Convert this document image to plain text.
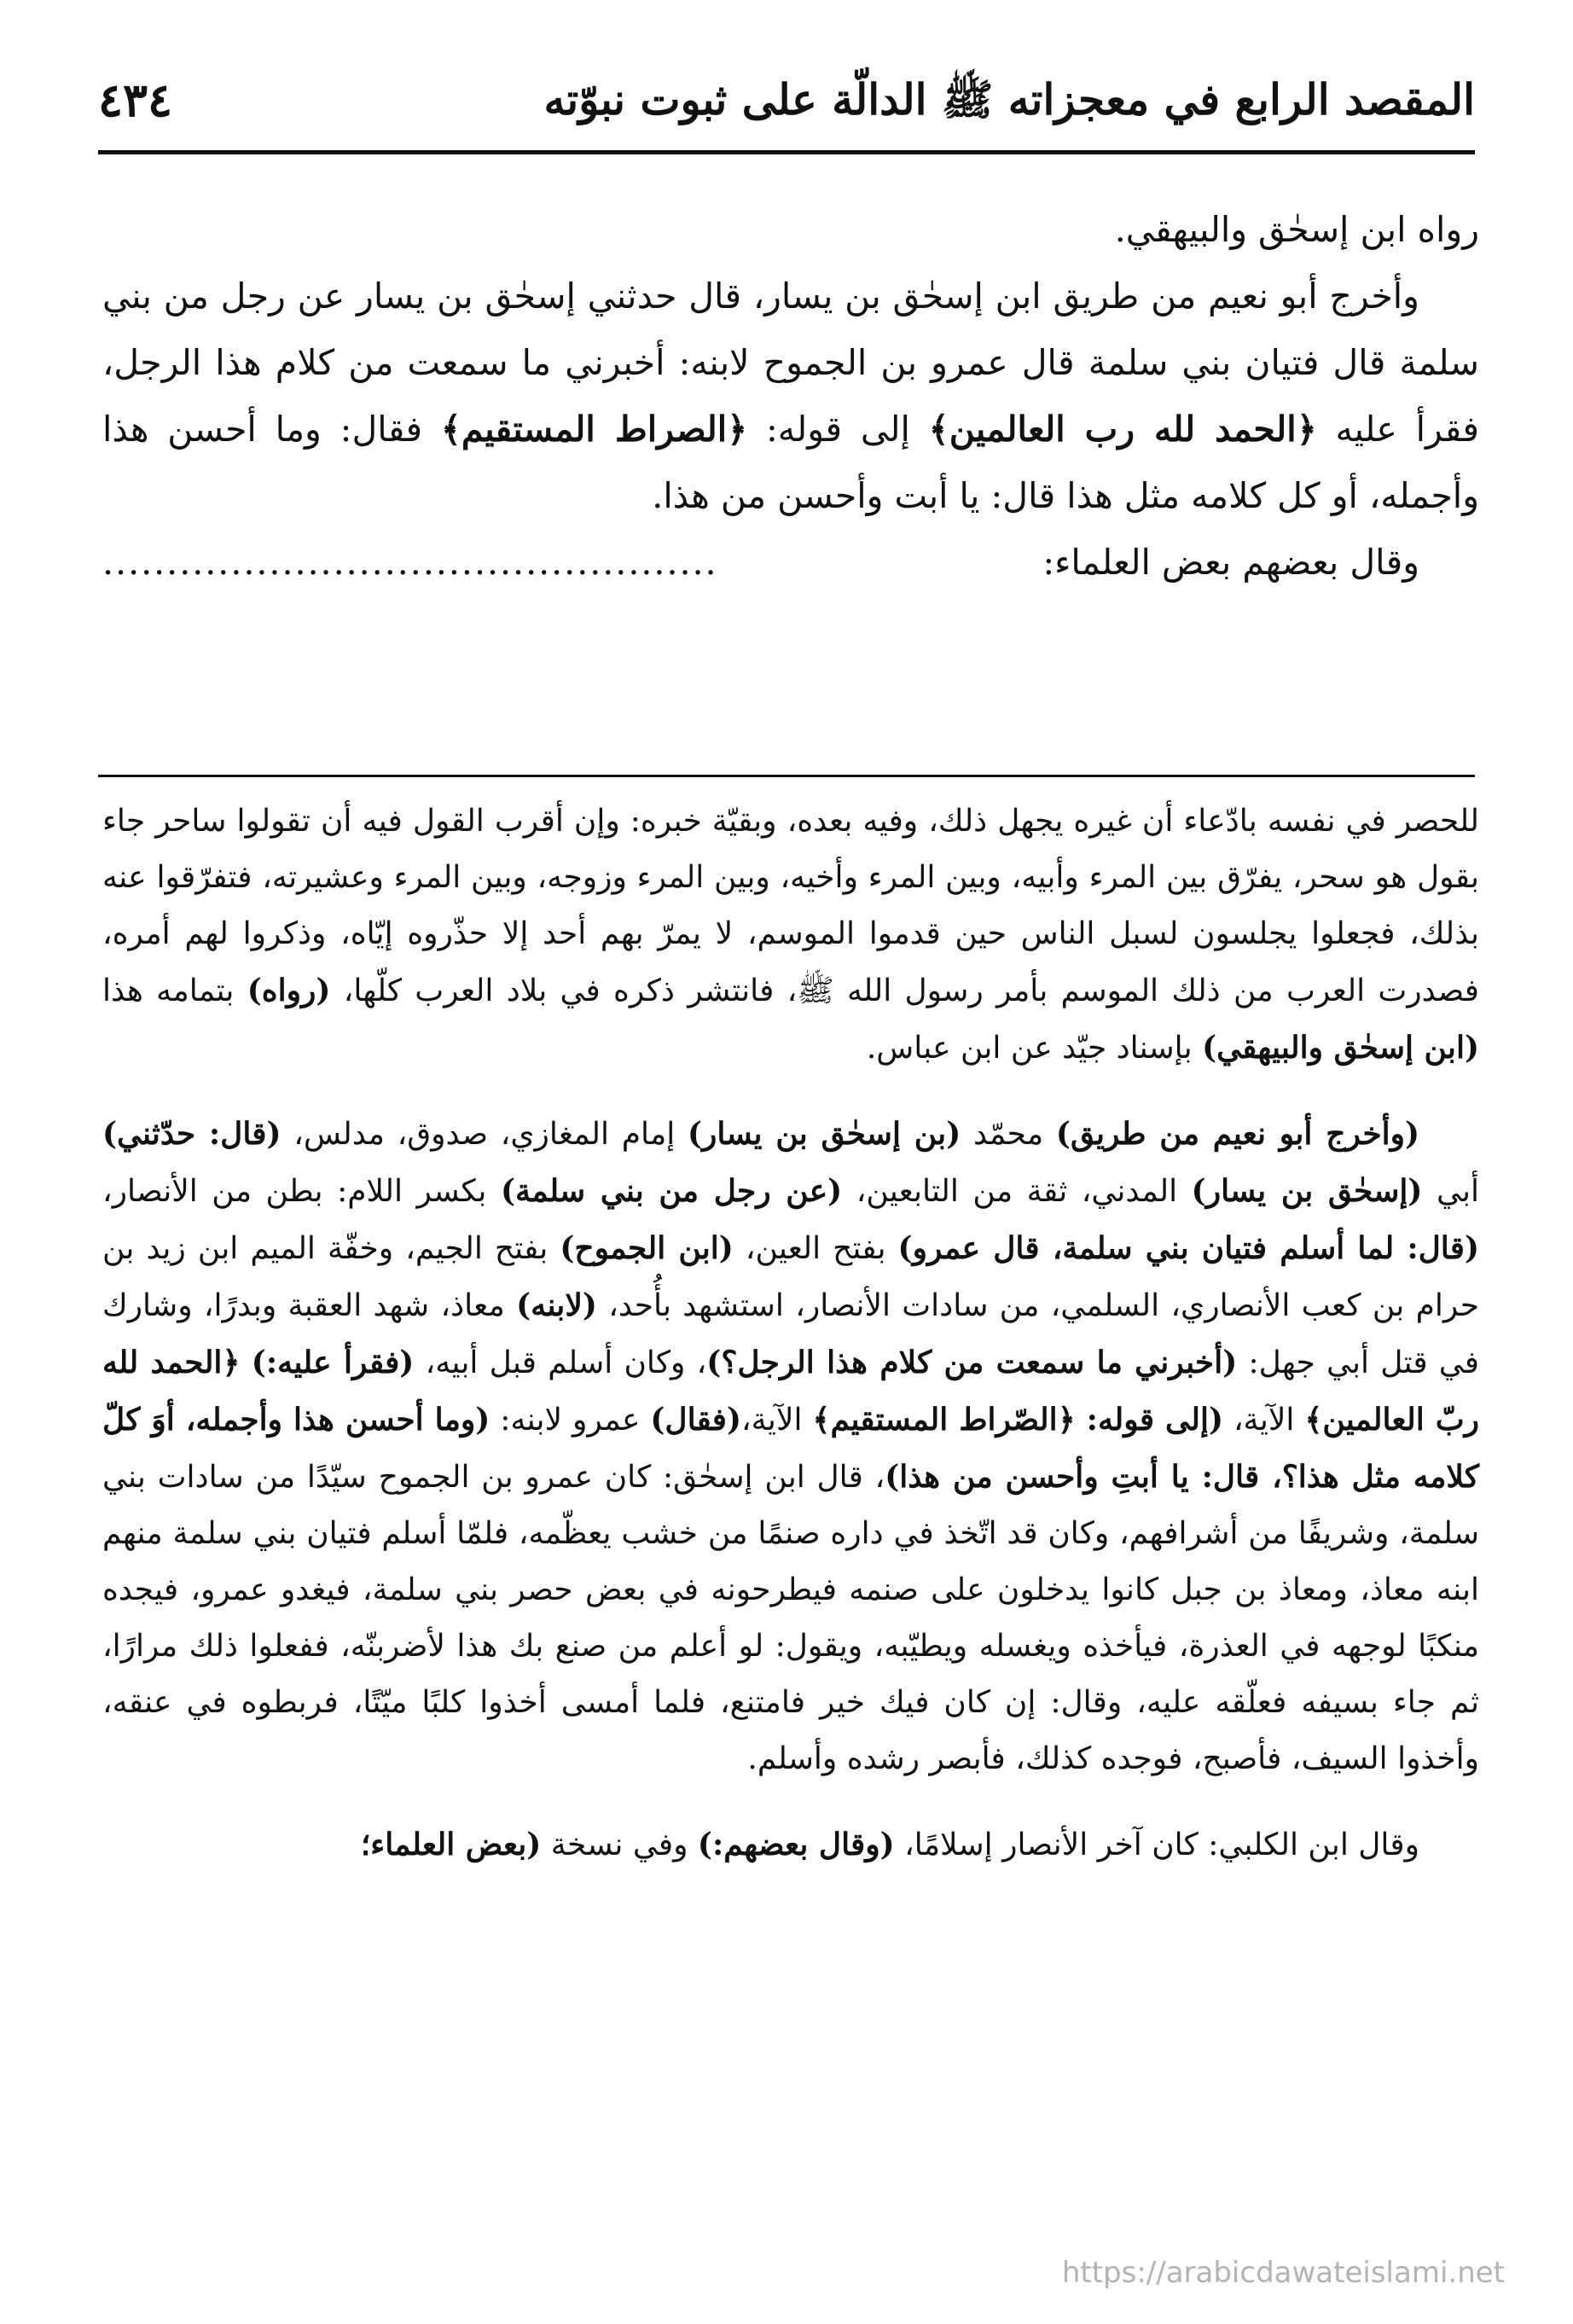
المقصد الرابع في معجزاته ﷺ الدالّة على ثبوت نبوّته
٤٣٤

رواه ابن إسحٰق والبيهقي.

وأخرج أبو نعيم من طريق ابن إسحٰق بن يسار، قال حدثني إسحٰق بن يسار عن رجل من بني سلمة قال فتيان بني سلمة قال عمرو بن الجموح لابنه: أخبرني ما سمعت من كلام هذا الرجل، فقرأ عليه ﴿الحمد لله رب العالمين﴾ إلى قوله: ﴿الصراط المستقيم﴾ فقال: وما أحسن هذا وأجمله، أو كل كلامه مثل هذا قال: يا أبت وأحسن من هذا.

وقال بعضهم بعض العلماء:
................................................

للحصر في نفسه بادّعاء أن غيره يجهل ذلك، وفيه بعده، وبقيّة خبره: وإن أقرب القول فيه أن تقولوا ساحر جاء بقول هو سحر، يفرّق بين المرء وأبيه، وبين المرء وأخيه، وبين المرء وزوجه، وبين المرء وعشيرته، فتفرّقوا عنه بذلك، فجعلوا يجلسون لسبل الناس حين قدموا الموسم، لا يمرّ بهم أحد إلا حذّروه إيّاه، وذكروا لهم أمره، فصدرت العرب من ذلك الموسم بأمر رسول الله ﷺ، فانتشر ذكره في بلاد العرب كلّها، (رواه) بتمامه هذا (ابن إسحٰق والبيهقي) بإسناد جيّد عن ابن عباس.

(وأخرج أبو نعيم من طريق) محمّد (بن إسحٰق بن يسار) إمام المغازي، صدوق، مدلس، (قال: حدّثني) أبي (إسحٰق بن يسار) المدني، ثقة من التابعين، (عن رجل من بني سلمة) بكسر اللام: بطن من الأنصار، (قال: لما أسلم فتيان بني سلمة، قال عمرو) بفتح العين، (ابن الجموح) بفتح الجيم، وخفّة الميم ابن زيد بن حرام بن كعب الأنصاري، السلمي، من سادات الأنصار، استشهد بأُحد، (لابنه) معاذ، شهد العقبة وبدرًا، وشارك في قتل أبي جهل: (أخبرني ما سمعت من كلام هذا الرجل؟)، وكان أسلم قبل أبيه، (فقرأ عليه:) ﴿الحمد لله ربّ العالمين﴾ الآية، (إلى قوله: ﴿الصّراط المستقيم﴾ الآية،(فقال) عمرو لابنه: (وما أحسن هذا وأجمله، أوَ كلّ كلامه مثل هذا؟، قال: يا أبتِ وأحسن من هذا)، قال ابن إسحٰق: كان عمرو بن الجموح سيّدًا من سادات بني سلمة، وشريفًا من أشرافهم، وكان قد اتّخذ في داره صنمًا من خشب يعظّمه، فلمّا أسلم فتيان بني سلمة منهم ابنه معاذ، ومعاذ بن جبل كانوا يدخلون على صنمه فيطرحونه في بعض حصر بني سلمة، فيغدو عمرو، فيجده منكبًا لوجهه في العذرة، فيأخذه ويغسله ويطيّبه، ويقول: لو أعلم من صنع بك هذا لأضربنّه، ففعلوا ذلك مرارًا، ثم جاء بسيفه فعلّقه عليه، وقال: إن كان فيك خير فامتنع، فلما أمسى أخذوا كلبًا ميّتًا، فربطوه في عنقه، وأخذوا السيف، فأصبح، فوجده كذلك، فأبصر رشده وأسلم.

وقال ابن الكلبي: كان آخر الأنصار إسلامًا، (وقال بعضهم:) وفي نسخة (بعض العلماء؛

https://arabicdawateislami.net
